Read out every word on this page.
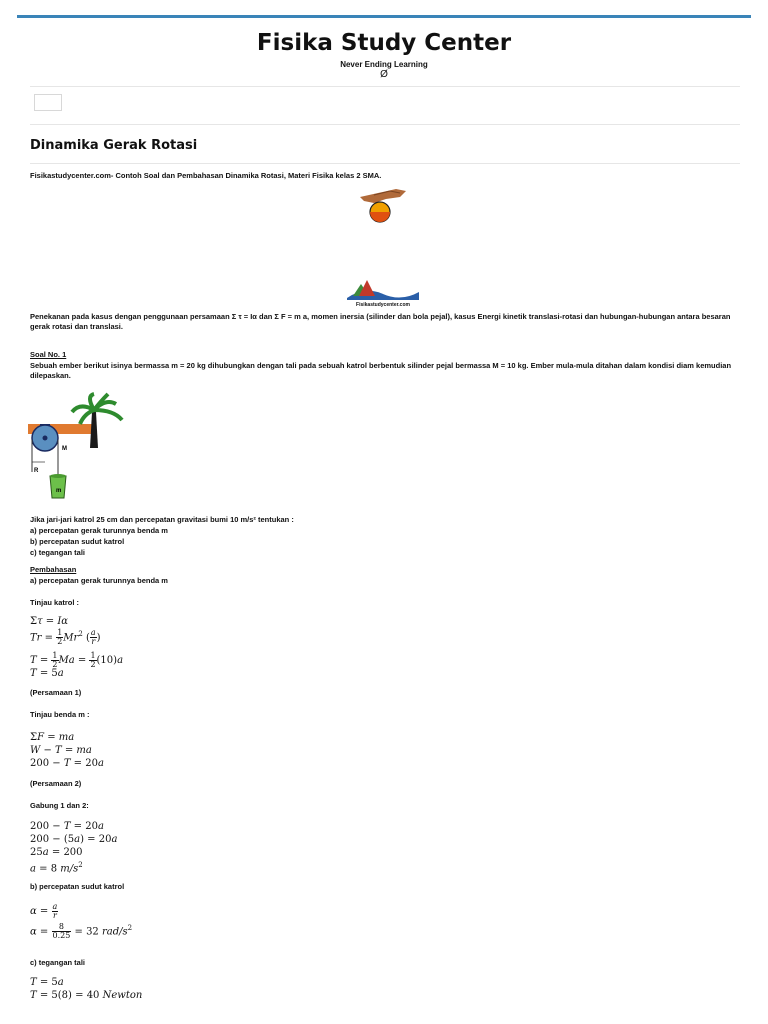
Fisika Study Center
Never Ending Learning
Ø
Dinamika Gerak Rotasi
Fisikastudycenter.com- Contoh Soal dan Pembahasan Dinamika Rotasi, Materi Fisika kelas 2 SMA.
Fisikastudycenter.com
Penekanan pada kasus dengan penggunaan persamaan Σ τ = Iα dan Σ F = m a, momen inersia (silinder dan bola pejal), kasus Energi kinetik translasi-rotasi dan hubungan-hubungan antara besaran gerak rotasi dan translasi.
Soal No. 1
Sebuah ember berikut isinya bermassa m = 20 kg dihubungkan dengan tali pada sebuah katrol berbentuk silinder pejal bermassa M = 10 kg. Ember mula-mula ditahan dalam kondisi diam kemudian dilepaskan.
M
R
m
Jika jari-jari katrol 25 cm dan percepatan gravitasi bumi 10 m/s² tentukan :
a) percepatan gerak turunnya benda m
b) percepatan sudut katrol
c) tegangan tali
Pembahasan
a) percepatan gerak turunnya benda m
Tinjau katrol :
Στ = Iα
$Tr = \frac{1}{2} Mr^2$ ( $\frac{a}{r}$ )
$T = \frac{1}{2}$ $Ma = \frac{1}{2} (10)a$
T = 5a
(Persamaan 1)
Tinjau benda m :
ΣF = ma
W − T = ma
200 − T = 20a
(Persamaan 2)
Gabung 1 dan 2:
200 − T = 20a
200 − (5a) = 20a
25a = 200
a = 8 $m/s^2$
b) percepatan sudut katrol
$\alpha = \frac{a}{r}$
$\alpha = \frac{8}{0.25} = 32$ rad/$s^2$
c) tegangan tali
T = 5a
T = 5(8) = 40 Newton
